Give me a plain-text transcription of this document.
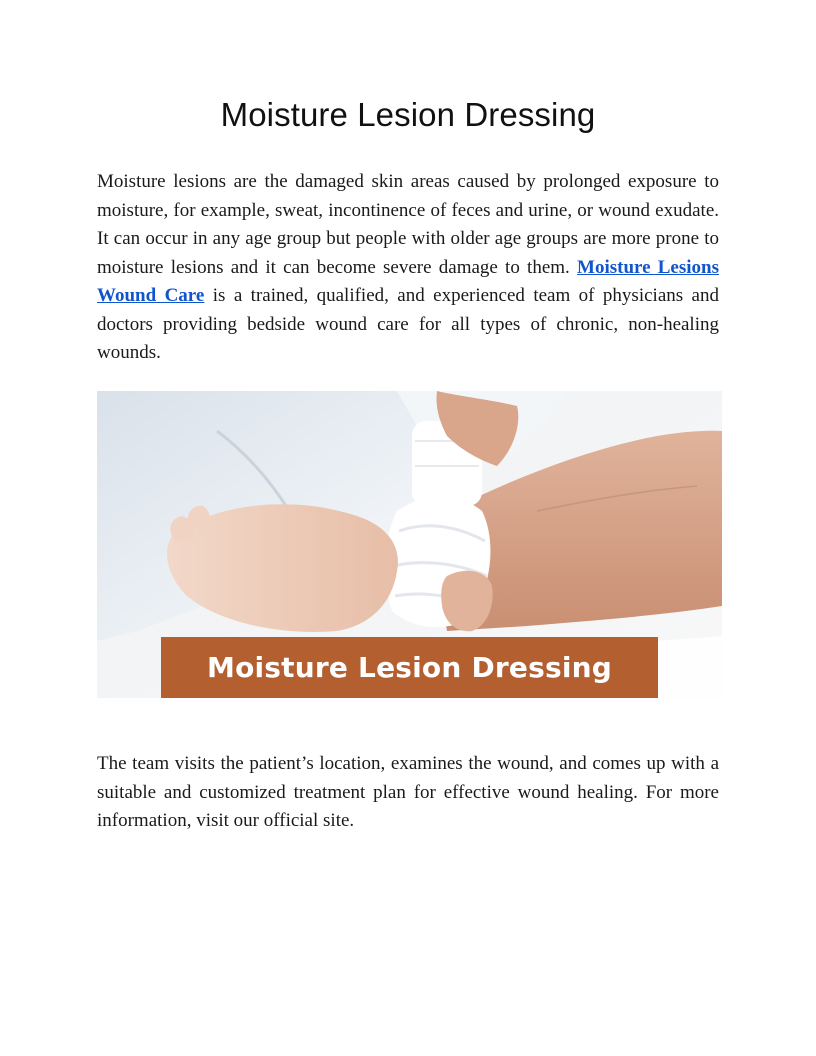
Moisture Lesion Dressing

Moisture lesions are the damaged skin areas caused by prolonged exposure to moisture, for example, sweat, incontinence of feces and urine, or wound exudate. It can occur in any age group but people with older age groups are more prone to moisture lesions and it can become severe damage to them. Moisture Lesions Wound Care is a trained, qualified, and experienced team of physicians and doctors providing bedside wound care for all types of chronic, non-healing wounds.

Moisture Lesion Dressing

The team visits the patient’s location, examines the wound, and comes up with a suitable and customized treatment plan for effective wound healing. For more information, visit our official site.
